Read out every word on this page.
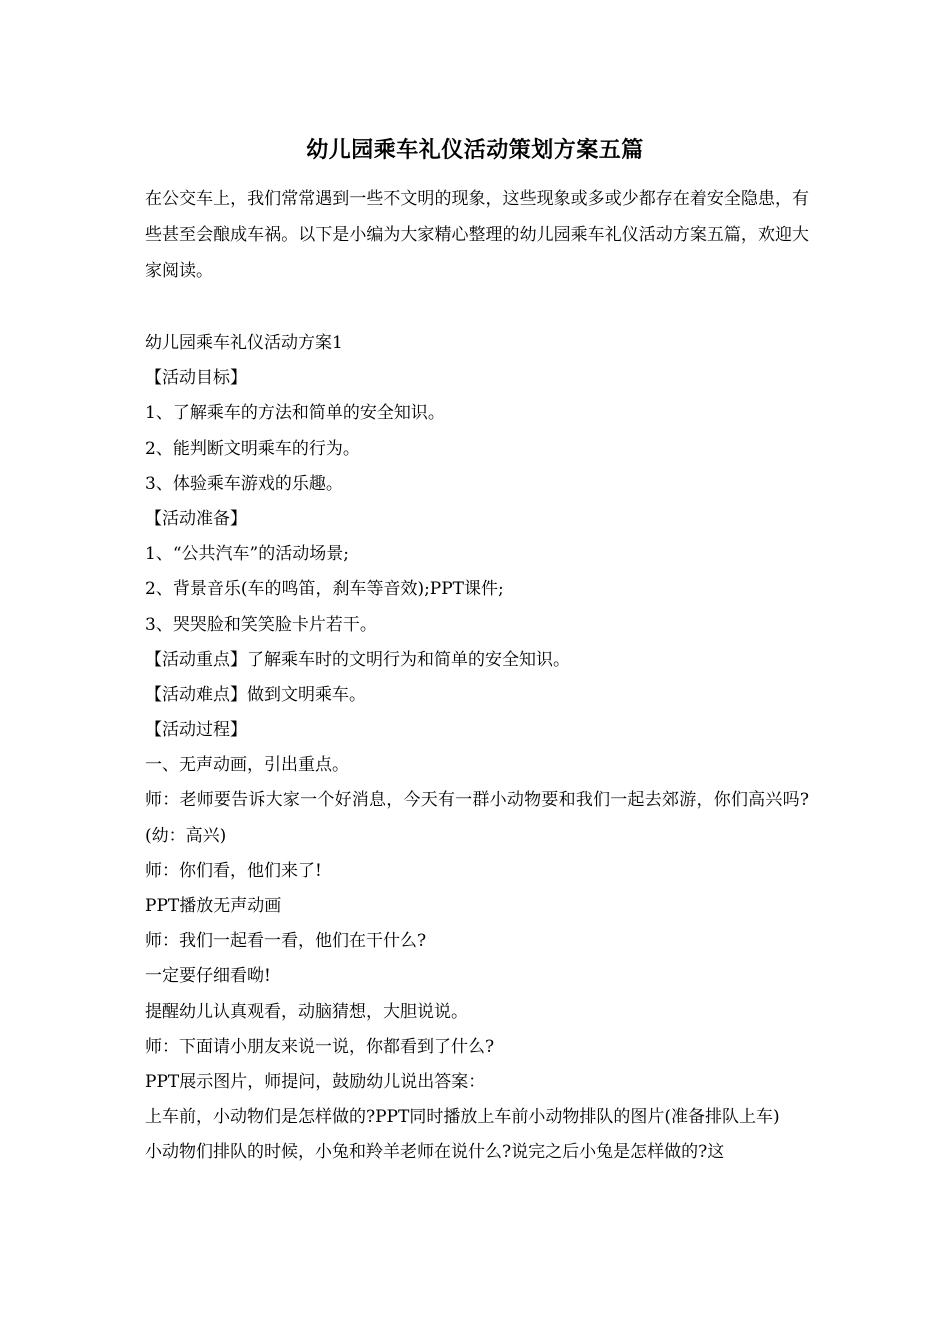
幼儿园乘车礼仪活动策划方案五篇
在公交车上，我们常常遇到一些不文明的现象，这些现象或多或少都存在着安全隐患，有些甚至会酿成车祸。以下是小编为大家精心整理的幼儿园乘车礼仪活动方案五篇，欢迎大家阅读。
幼儿园乘车礼仪活动方案1
【活动目标】
1、了解乘车的方法和简单的安全知识。
2、能判断文明乘车的行为。
3、体验乘车游戏的乐趣。
【活动准备】
1、“公共汽车”的活动场景;
2、背景音乐(车的鸣笛，刹车等音效);PPT课件;
3、哭哭脸和笑笑脸卡片若干。
【活动重点】了解乘车时的文明行为和简单的安全知识。
【活动难点】做到文明乘车。
【活动过程】
一、无声动画，引出重点。
师：老师要告诉大家一个好消息，今天有一群小动物要和我们一起去郊游，你们高兴吗?(幼：高兴)
师：你们看，他们来了!
PPT播放无声动画
师：我们一起看一看，他们在干什么?
一定要仔细看呦!
提醒幼儿认真观看，动脑猜想，大胆说说。
师：下面请小朋友来说一说，你都看到了什么?
PPT展示图片，师提问，鼓励幼儿说出答案：
上车前，小动物们是怎样做的?PPT同时播放上车前小动物排队的图片(准备排队上车)
小动物们排队的时候，小兔和羚羊老师在说什么?说完之后小兔是怎样做的?这
